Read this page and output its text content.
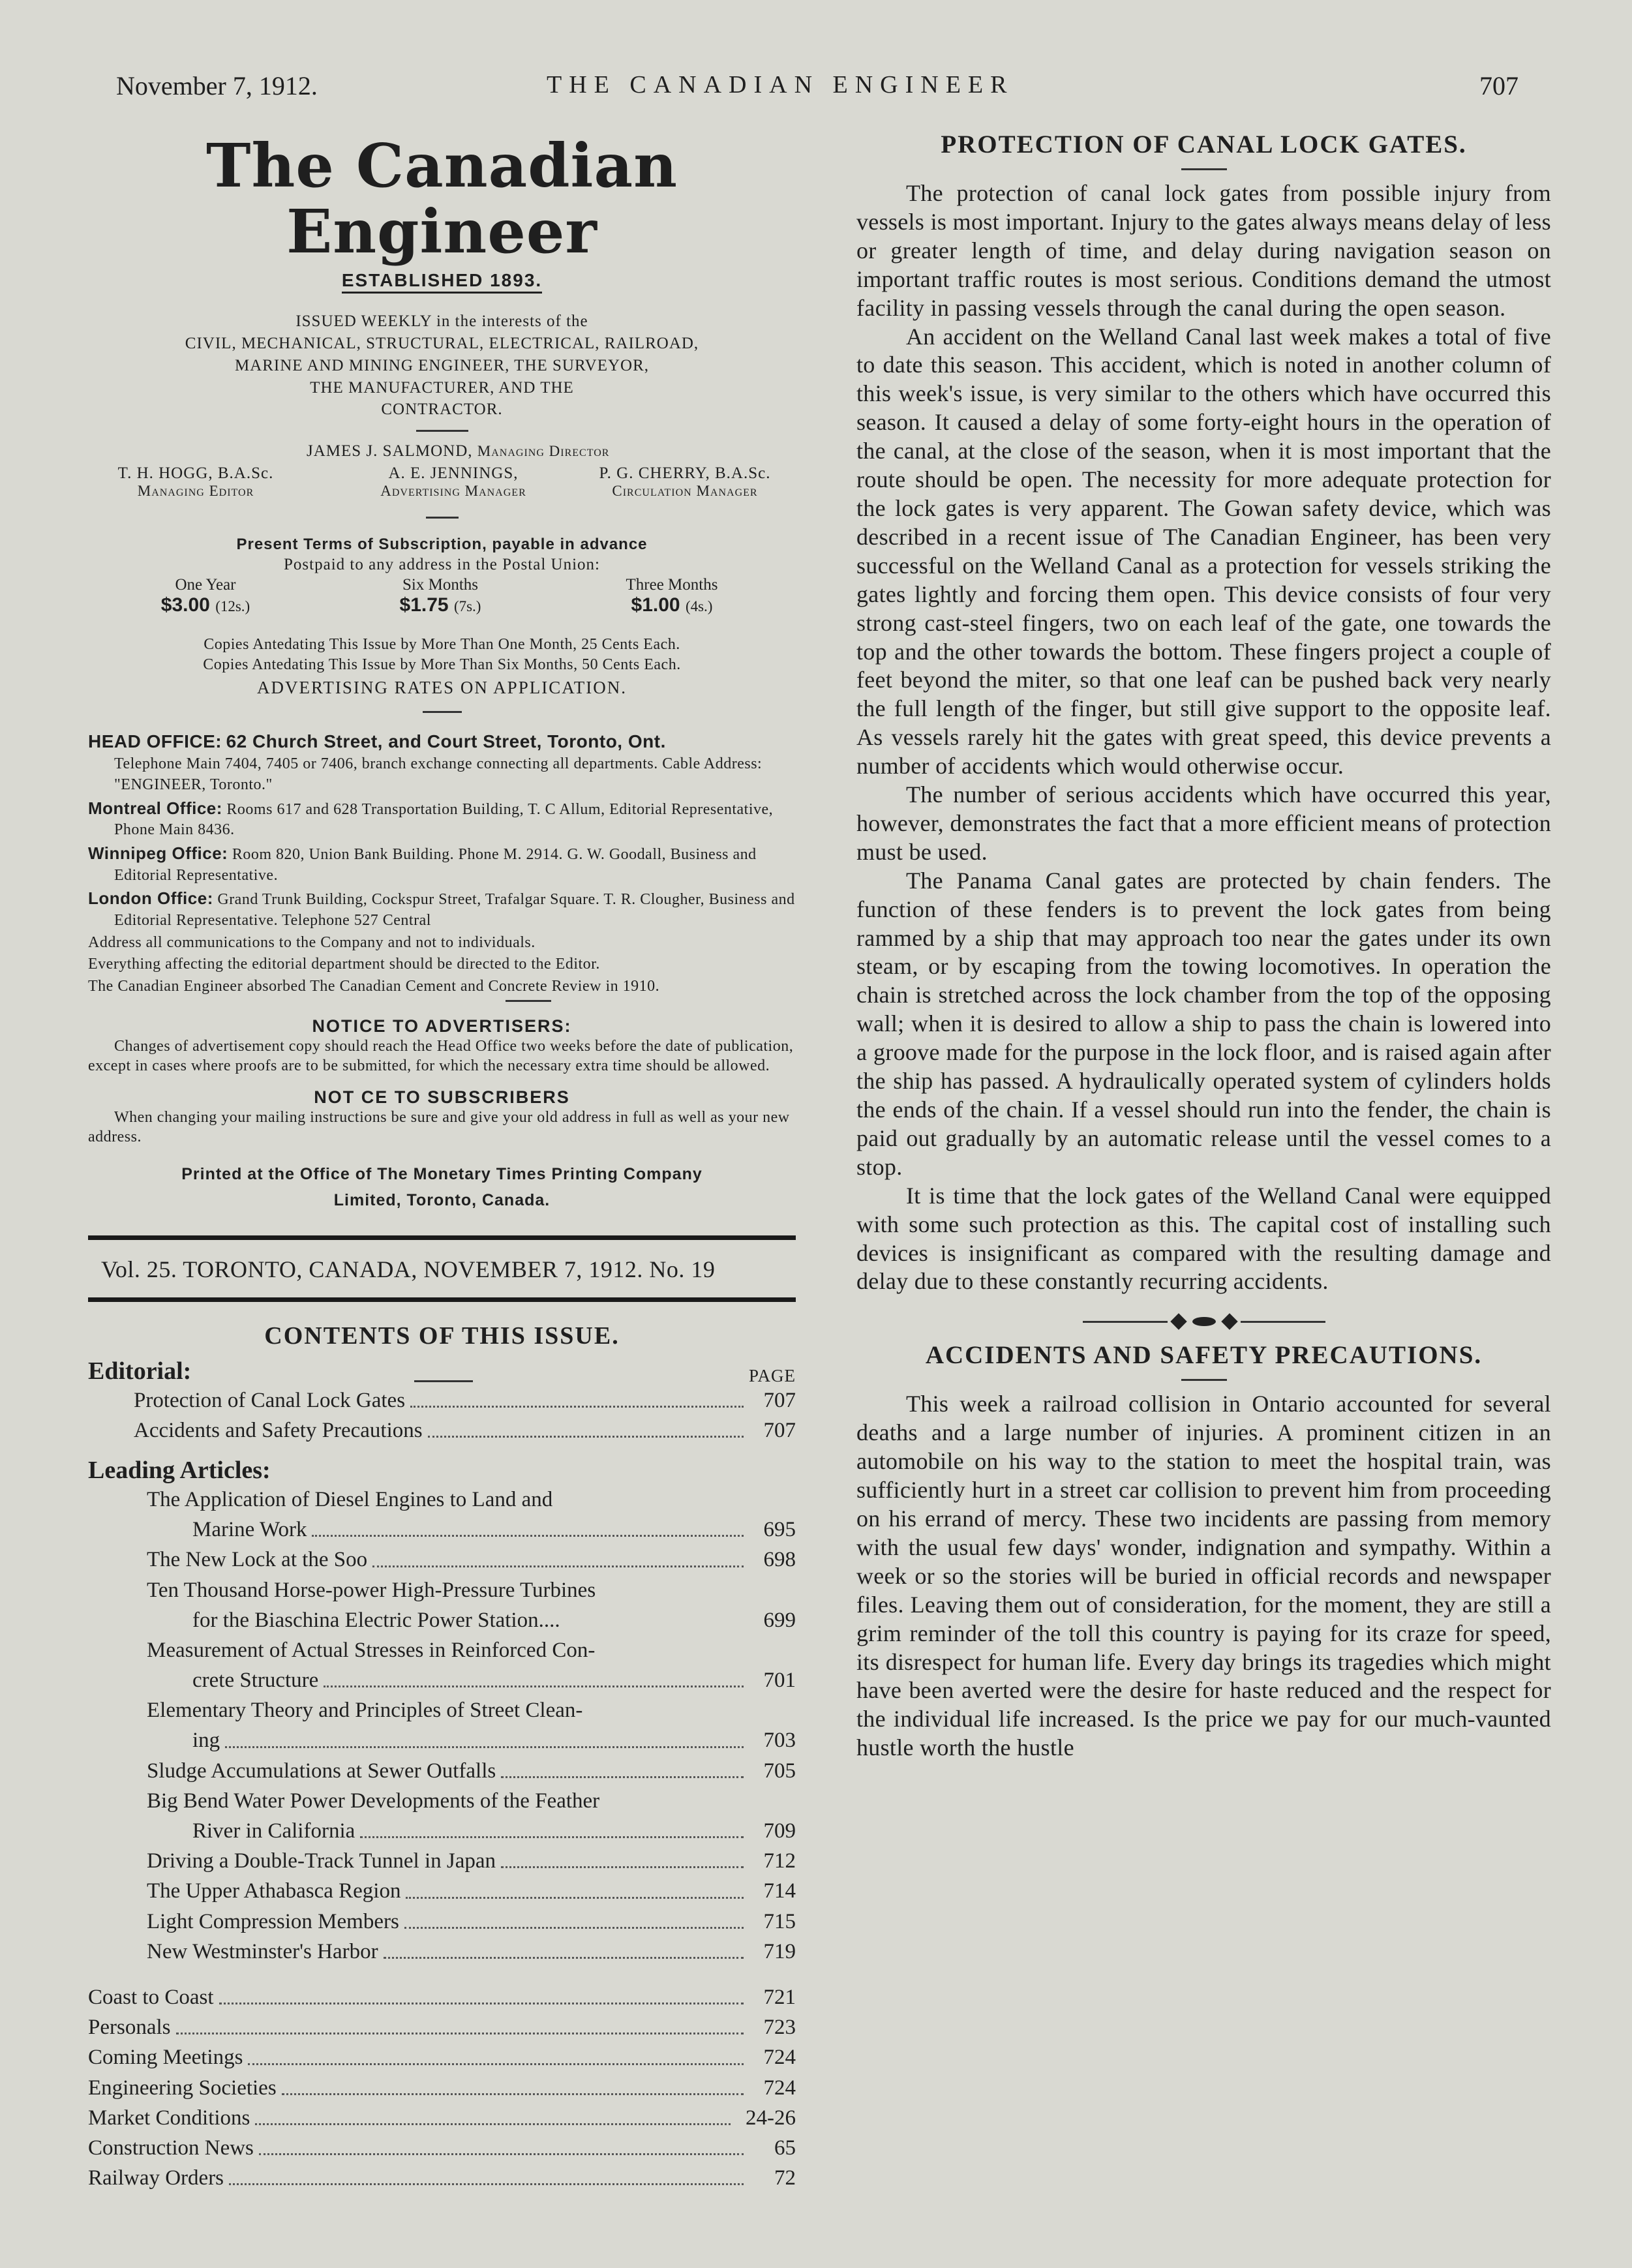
November 7, 1912.	THE CANADIAN ENGINEER	707
The Canadian Engineer
ESTABLISHED 1893.
ISSUED WEEKLY in the interests of the
CIVIL, MECHANICAL, STRUCTURAL, ELECTRICAL, RAILROAD,
MARINE AND MINING ENGINEER, THE SURVEYOR,
THE MANUFACTURER, AND THE
CONTRACTOR.
JAMES J. SALMOND, Managing Director
T. H. HOGG, B.A.Sc.
Managing Editor
A. E. JENNINGS,
Advertising Manager
P. G. CHERRY, B.A.Sc.
Circulation Manager
Present Terms of Subscription, payable in advance
Postpaid to any address in the Postal Union:
One Year
$3.00 (12s.)
Six Months
$1.75 (7s.)
Three Months
$1.00 (4s.)
Copies Antedating This Issue by More Than One Month, 25 Cents Each.
Copies Antedating This Issue by More Than Six Months, 50 Cents Each.
ADVERTISING RATES ON APPLICATION.
HEAD OFFICE: 62 Church Street, and Court Street, Toronto, Ont.
Telephone Main 7404, 7405 or 7406, branch exchange connecting all departments. Cable Address: "ENGINEER, Toronto."
Montreal Office: Rooms 617 and 628 Transportation Building, T. C Allum, Editorial Representative, Phone Main 8436.
Winnipeg Office: Room 820, Union Bank Building. Phone M. 2914. G. W. Goodall, Business and Editorial Representative.
London Office: Grand Trunk Building, Cockspur Street, Trafalgar Square. T. R. Clougher, Business and Editorial Representative. Telephone 527 Central
Address all communications to the Company and not to individuals.
Everything affecting the editorial department should be directed to the Editor.
The Canadian Engineer absorbed The Canadian Cement and Concrete Review in 1910.
NOTICE TO ADVERTISERS:
Changes of advertisement copy should reach the Head Office two weeks before the date of publication, except in cases where proofs are to be submitted, for which the necessary extra time should be allowed.
NOT CE TO SUBSCRIBERS
When changing your mailing instructions be sure and give your old address in full as well as your new address.
Printed at the Office of The Monetary Times Printing Company
Limited, Toronto, Canada.
Vol. 25. TORONTO, CANADA, NOVEMBER 7, 1912. No. 19
CONTENTS OF THIS ISSUE.
PAGE
Editorial:
Protection of Canal Lock Gates	707
Accidents and Safety Precautions	707
Leading Articles:
The Application of Diesel Engines to Land and
Marine Work	695
The New Lock at the Soo	698
Ten Thousand Horse-power High-Pressure Turbines
for the Biaschina Electric Power Station....	699
Measurement of Actual Stresses in Reinforced Con-
crete Structure	701
Elementary Theory and Principles of Street Clean-
ing	703
Sludge Accumulations at Sewer Outfalls	705
Big Bend Water Power Developments of the Feather
River in California	709
Driving a Double-Track Tunnel in Japan	712
The Upper Athabasca Region	714
Light Compression Members	715
New Westminster's Harbor	719
Coast to Coast	721
Personals	723
Coming Meetings	724
Engineering Societies	724
Market Conditions	24-26
Construction News	65
Railway Orders	72
PROTECTION OF CANAL LOCK GATES.

The protection of canal lock gates from possible injury from vessels is most important. Injury to the gates always means delay of less or greater length of time, and delay during navigation season on important traffic routes is most serious. Conditions demand the utmost facility in passing vessels through the canal during the open season.

An accident on the Welland Canal last week makes a total of five to date this season. This accident, which is noted in another column of this week's issue, is very similar to the others which have occurred this season. It caused a delay of some forty-eight hours in the operation of the canal, at the close of the season, when it is most important that the route should be open. The necessity for more adequate protection for the lock gates is very apparent. The Gowan safety device, which was described in a recent issue of The Canadian Engineer, has been very successful on the Welland Canal as a protection for vessels striking the gates lightly and forcing them open. This device consists of four very strong cast-steel fingers, two on each leaf of the gate, one towards the top and the other towards the bottom. These fingers project a couple of feet beyond the miter, so that one leaf can be pushed back very nearly the full length of the finger, but still give support to the opposite leaf. As vessels rarely hit the gates with great speed, this device prevents a number of accidents which would otherwise occur.

The number of serious accidents which have occurred this year, however, demonstrates the fact that a more efficient means of protection must be used.

The Panama Canal gates are protected by chain fenders. The function of these fenders is to prevent the lock gates from being rammed by a ship that may approach too near the gates under its own steam, or by escaping from the towing locomotives. In operation the chain is stretched across the lock chamber from the top of the opposing wall; when it is desired to allow a ship to pass the chain is lowered into a groove made for the purpose in the lock floor, and is raised again after the ship has passed. A hydraulically operated system of cylinders holds the ends of the chain. If a vessel should run into the fender, the chain is paid out gradually by an automatic release until the vessel comes to a stop.

It is time that the lock gates of the Welland Canal were equipped with some such protection as this. The capital cost of installing such devices is insignificant as compared with the resulting damage and delay due to these constantly recurring accidents.

ACCIDENTS AND SAFETY PRECAUTIONS.

This week a railroad collision in Ontario accounted for several deaths and a large number of injuries. A prominent citizen in an automobile on his way to the station to meet the hospital train, was sufficiently hurt in a street car collision to prevent him from proceeding on his errand of mercy. These two incidents are passing from memory with the usual few days' wonder, indignation and sympathy. Within a week or so the stories will be buried in official records and newspaper files. Leaving them out of consideration, for the moment, they are still a grim reminder of the toll this country is paying for its craze for speed, its disrespect for human life. Every day brings its tragedies which might have been averted were the desire for haste reduced and the respect for the individual life increased. Is the price we pay for our much-vaunted hustle worth the hustle
